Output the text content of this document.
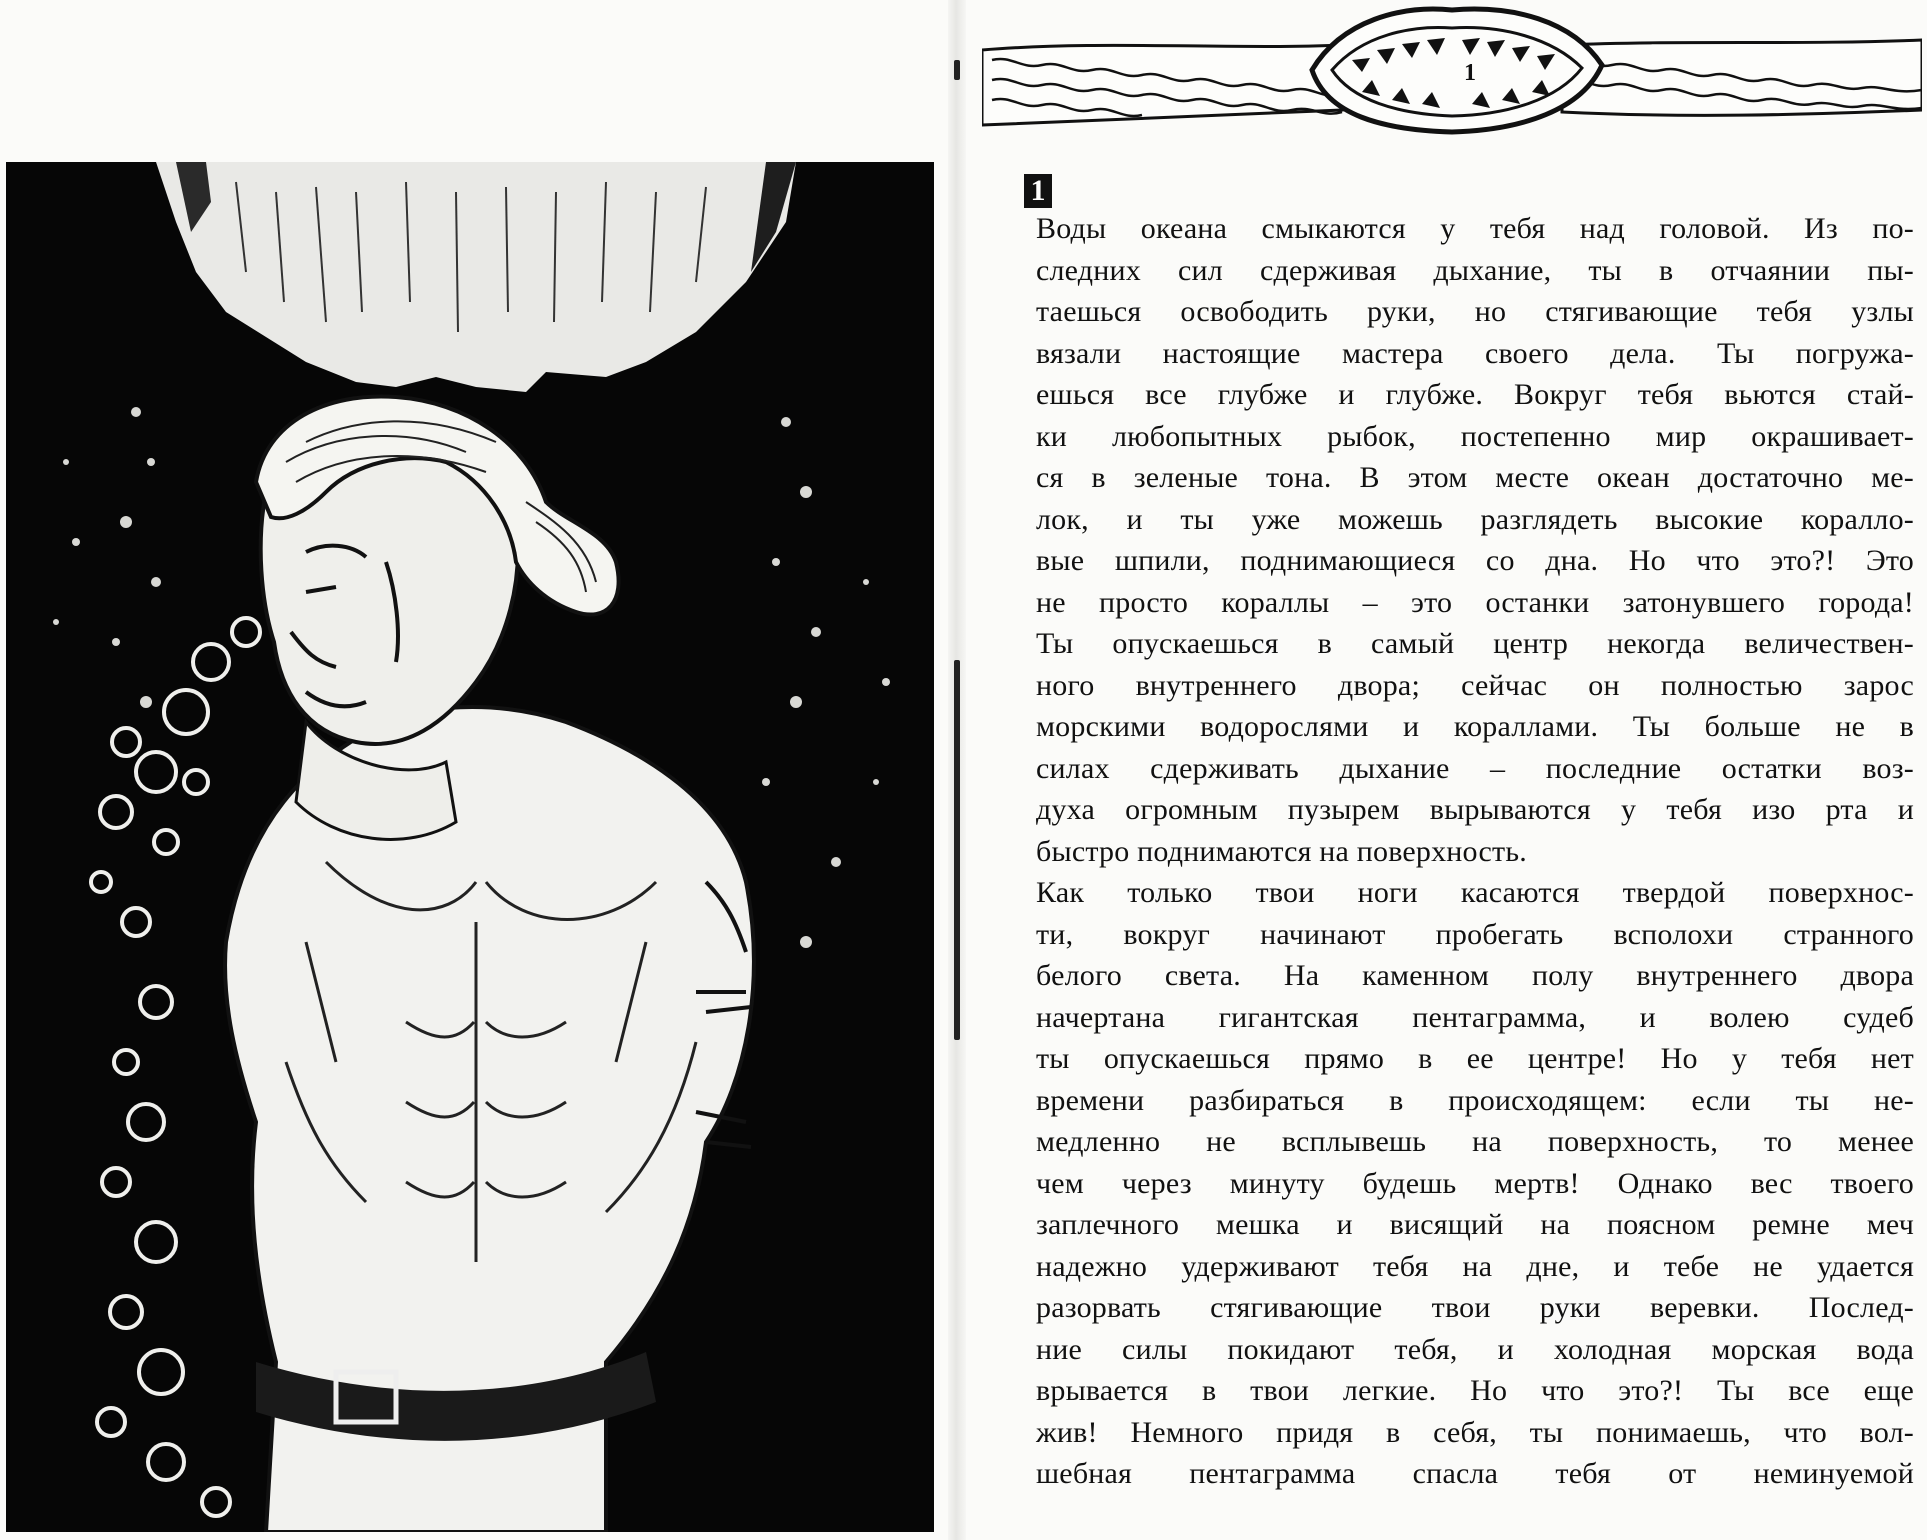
1
1
Воды океана смыкаются у тебя над головой. Из по-
следних сил сдерживая дыхание, ты в отчаянии пы-
таешься освободить руки, но стягивающие тебя узлы
вязали настоящие мастера своего дела. Ты погружа-
ешься все глубже и глубже. Вокруг тебя вьются стай-
ки любопытных рыбок, постепенно мир окрашивает-
ся в зеленые тона. В этом месте океан достаточно ме-
лок, и ты уже можешь разглядеть высокие коралло-
вые шпили, поднимающиеся со дна. Но что это?! Это
не просто кораллы – это останки затонувшего города!
Ты опускаешься в самый центр некогда величествен-
ного внутреннего двора; сейчас он полностью зарос
морскими водорослями и кораллами. Ты больше не в
силах сдерживать дыхание – последние остатки воз-
духа огромным пузырем вырываются у тебя изо рта и
быстро поднимаются на поверхность.
Как только твои ноги касаются твердой поверхнос-
ти, вокруг начинают пробегать всполохи странного
белого света. На каменном полу внутреннего двора
начертана гигантская пентаграмма, и волею судеб
ты опускаешься прямо в ее центре! Но у тебя нет
времени разбираться в происходящем: если ты не-
медленно не всплывешь на поверхность, то менее
чем через минуту будешь мертв! Однако вес твоего
заплечного мешка и висящий на поясном ремне меч
надежно удерживают тебя на дне, и тебе не удается
разорвать стягивающие твои руки веревки. Послед-
ние силы покидают тебя, и холодная морская вода
врывается в твои легкие. Но что это?! Ты все еще
жив! Немного придя в себя, ты понимаешь, что вол-
шебная пентаграмма спасла тебя от неминуемой
